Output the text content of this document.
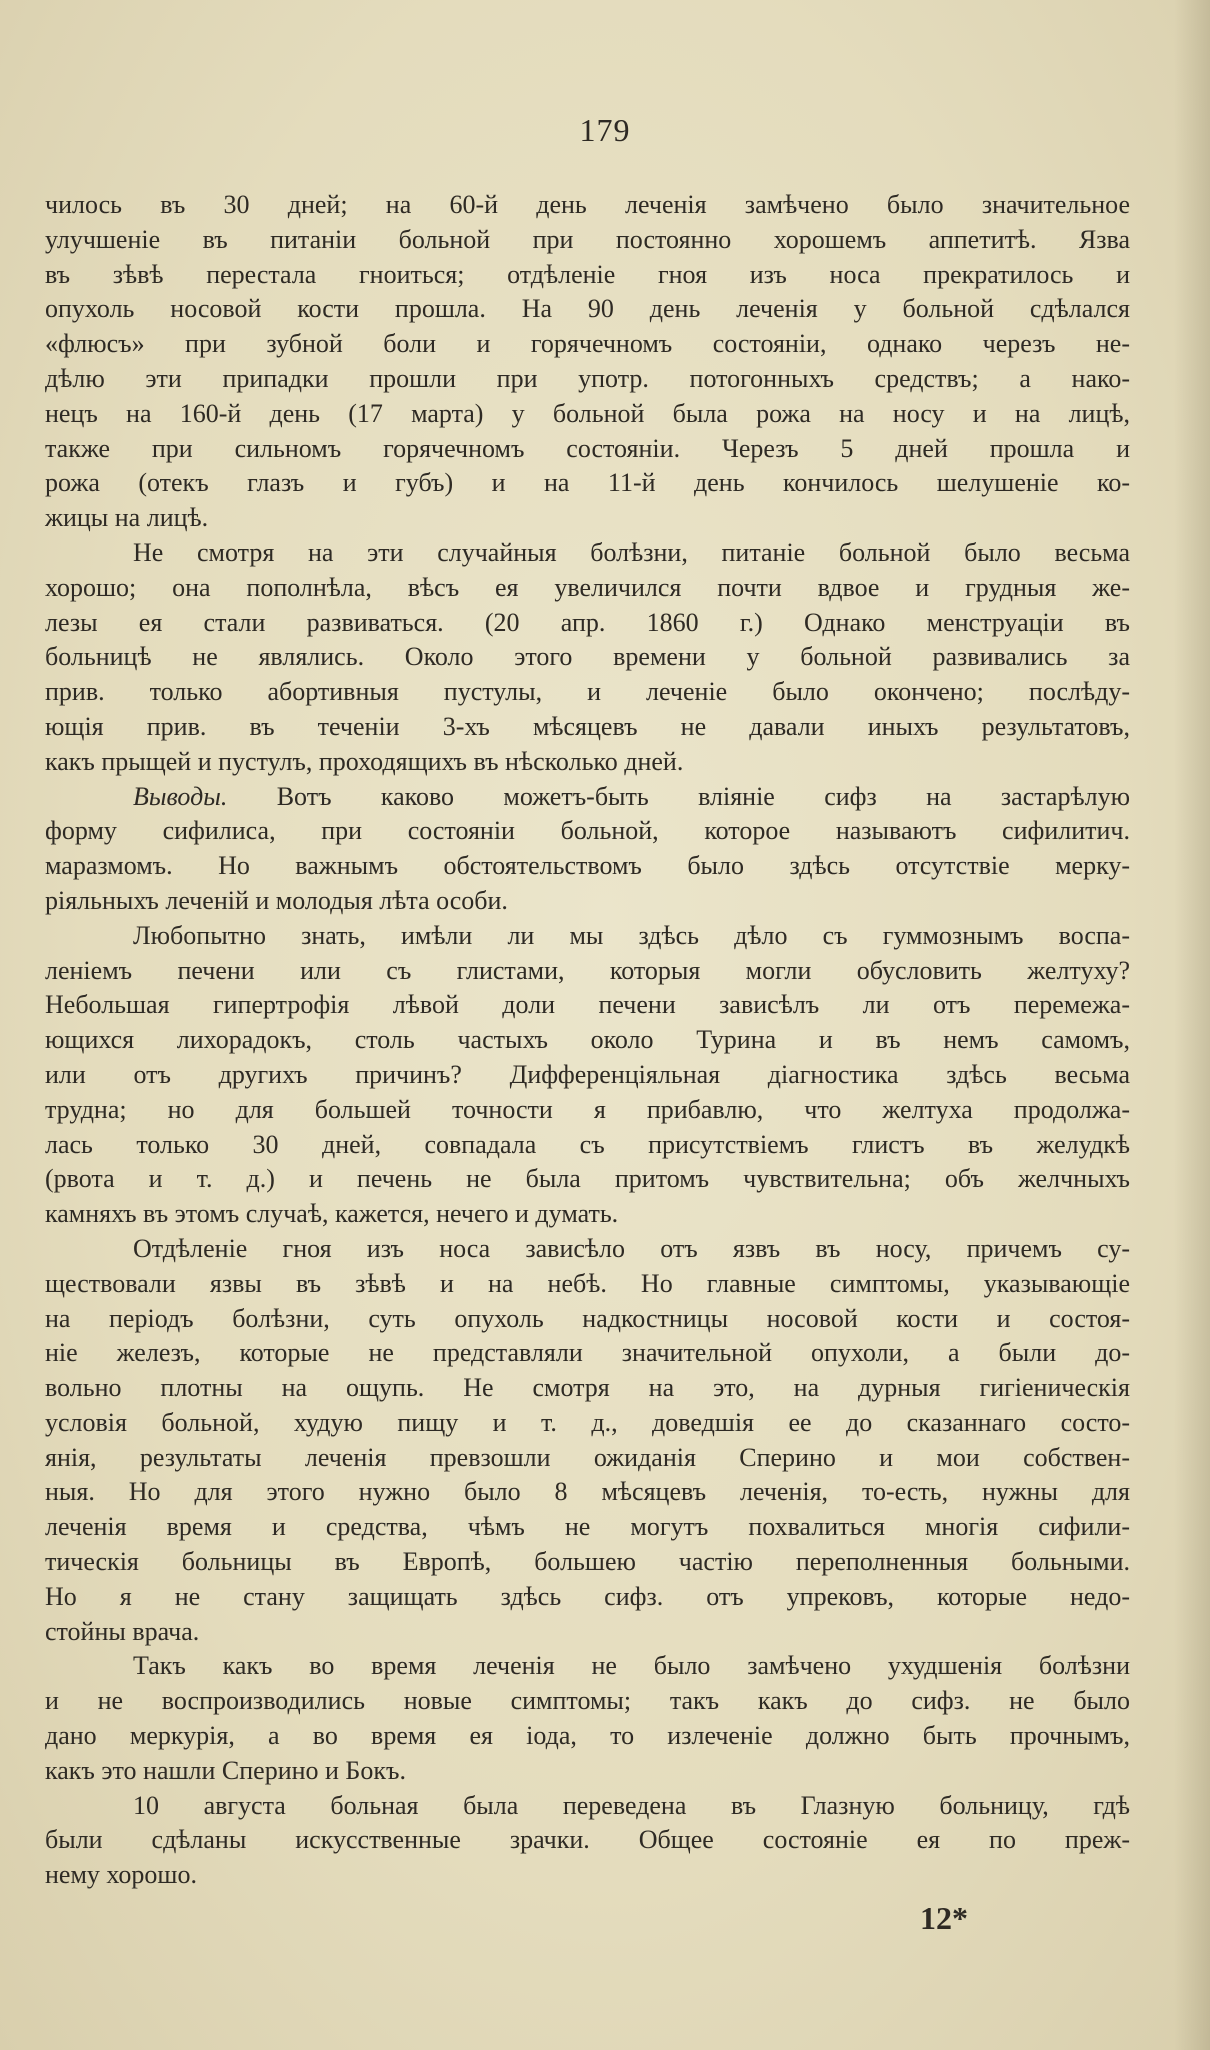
179
чилось въ 30 дней; на 60-й день леченія замѣчено было значительное
улучшеніе въ питаніи больной при постоянно хорошемъ аппетитѣ. Язва
въ зѣвѣ перестала гноиться; отдѣленіе гноя изъ носа прекратилось и
опухоль носовой кости прошла. На 90 день леченія у больной сдѣлался
«флюсъ» при зубной боли и горячечномъ состояніи, однако черезъ не-
дѣлю эти припадки прошли при употр. потогонныхъ средствъ; а нако-
нецъ на 160-й день (17 марта) у больной была рожа на носу и на лицѣ,
также при сильномъ горячечномъ состояніи. Черезъ 5 дней прошла и
рожа (отекъ глазъ и губъ) и на 11-й день кончилось шелушеніе ко-
жицы на лицѣ.
Не смотря на эти случайныя болѣзни, питаніе больной было весьма
хорошо; она пополнѣла, вѣсъ ея увеличился почти вдвое и грудныя же-
лезы ея стали развиваться. (20 апр. 1860 г.) Однако менструаціи въ
больницѣ не являлись. Около этого времени у больной развивались за
прив. только абортивныя пустулы, и леченіе было окончено; послѣду-
ющія прив. въ теченіи 3-хъ мѣсяцевъ не давали иныхъ результатовъ,
какъ прыщей и пустулъ, проходящихъ въ нѣсколько дней.
Выводы. Вотъ каково можетъ-быть вліяніе сифз на застарѣлую
форму сифилиса, при состояніи больной, которое называютъ сифилитич.
маразмомъ. Но важнымъ обстоятельствомъ было здѣсь отсутствіе мерку-
ріяльныхъ леченій и молодыя лѣта особи.
Любопытно знать, имѣли ли мы здѣсь дѣло съ гуммознымъ воспа-
леніемъ печени или съ глистами, которыя могли обусловить желтуху?
Небольшая гипертрофія лѣвой доли печени зависѣлъ ли отъ перемежа-
ющихся лихорадокъ, столь частыхъ около Турина и въ немъ самомъ,
или отъ другихъ причинъ? Дифференціяльная діагностика здѣсь весьма
трудна; но для большей точности я прибавлю, что желтуха продолжа-
лась только 30 дней, совпадала съ присутствіемъ глистъ въ желудкѣ
(рвота и т. д.) и печень не была притомъ чувствительна; объ желчныхъ
камняхъ въ этомъ случаѣ, кажется, нечего и думать.
Отдѣленіе гноя изъ носа зависѣло отъ язвъ въ носу, причемъ су-
ществовали язвы въ зѣвѣ и на небѣ. Но главные симптомы, указывающіе
на періодъ болѣзни, суть опухоль надкостницы носовой кости и состоя-
ніе железъ, которые не представляли значительной опухоли, а были до-
вольно плотны на ощупь. Не смотря на это, на дурныя гигіеническія
условія больной, худую пищу и т. д., доведшія ее до сказаннаго состо-
янія, результаты леченія превзошли ожиданія Сперино и мои собствен-
ныя. Но для этого нужно было 8 мѣсяцевъ леченія, то-есть, нужны для
леченія время и средства, чѣмъ не могутъ похвалиться многія сифили-
тическія больницы въ Европѣ, большею частію переполненныя больными.
Но я не стану защищать здѣсь сифз. отъ упрековъ, которые недо-
стойны врача.
Такъ какъ во время леченія не было замѣчено ухудшенія болѣзни
и не воспроизводились новые симптомы; такъ какъ до сифз. не было
дано меркурія, а во время ея іода, то излеченіе должно быть прочнымъ,
какъ это нашли Сперино и Бокъ.
10 августа больная была переведена въ Глазную больницу, гдѣ
были сдѣланы искусственные зрачки. Общее состояніе ея по преж-
нему хорошо.
12*
